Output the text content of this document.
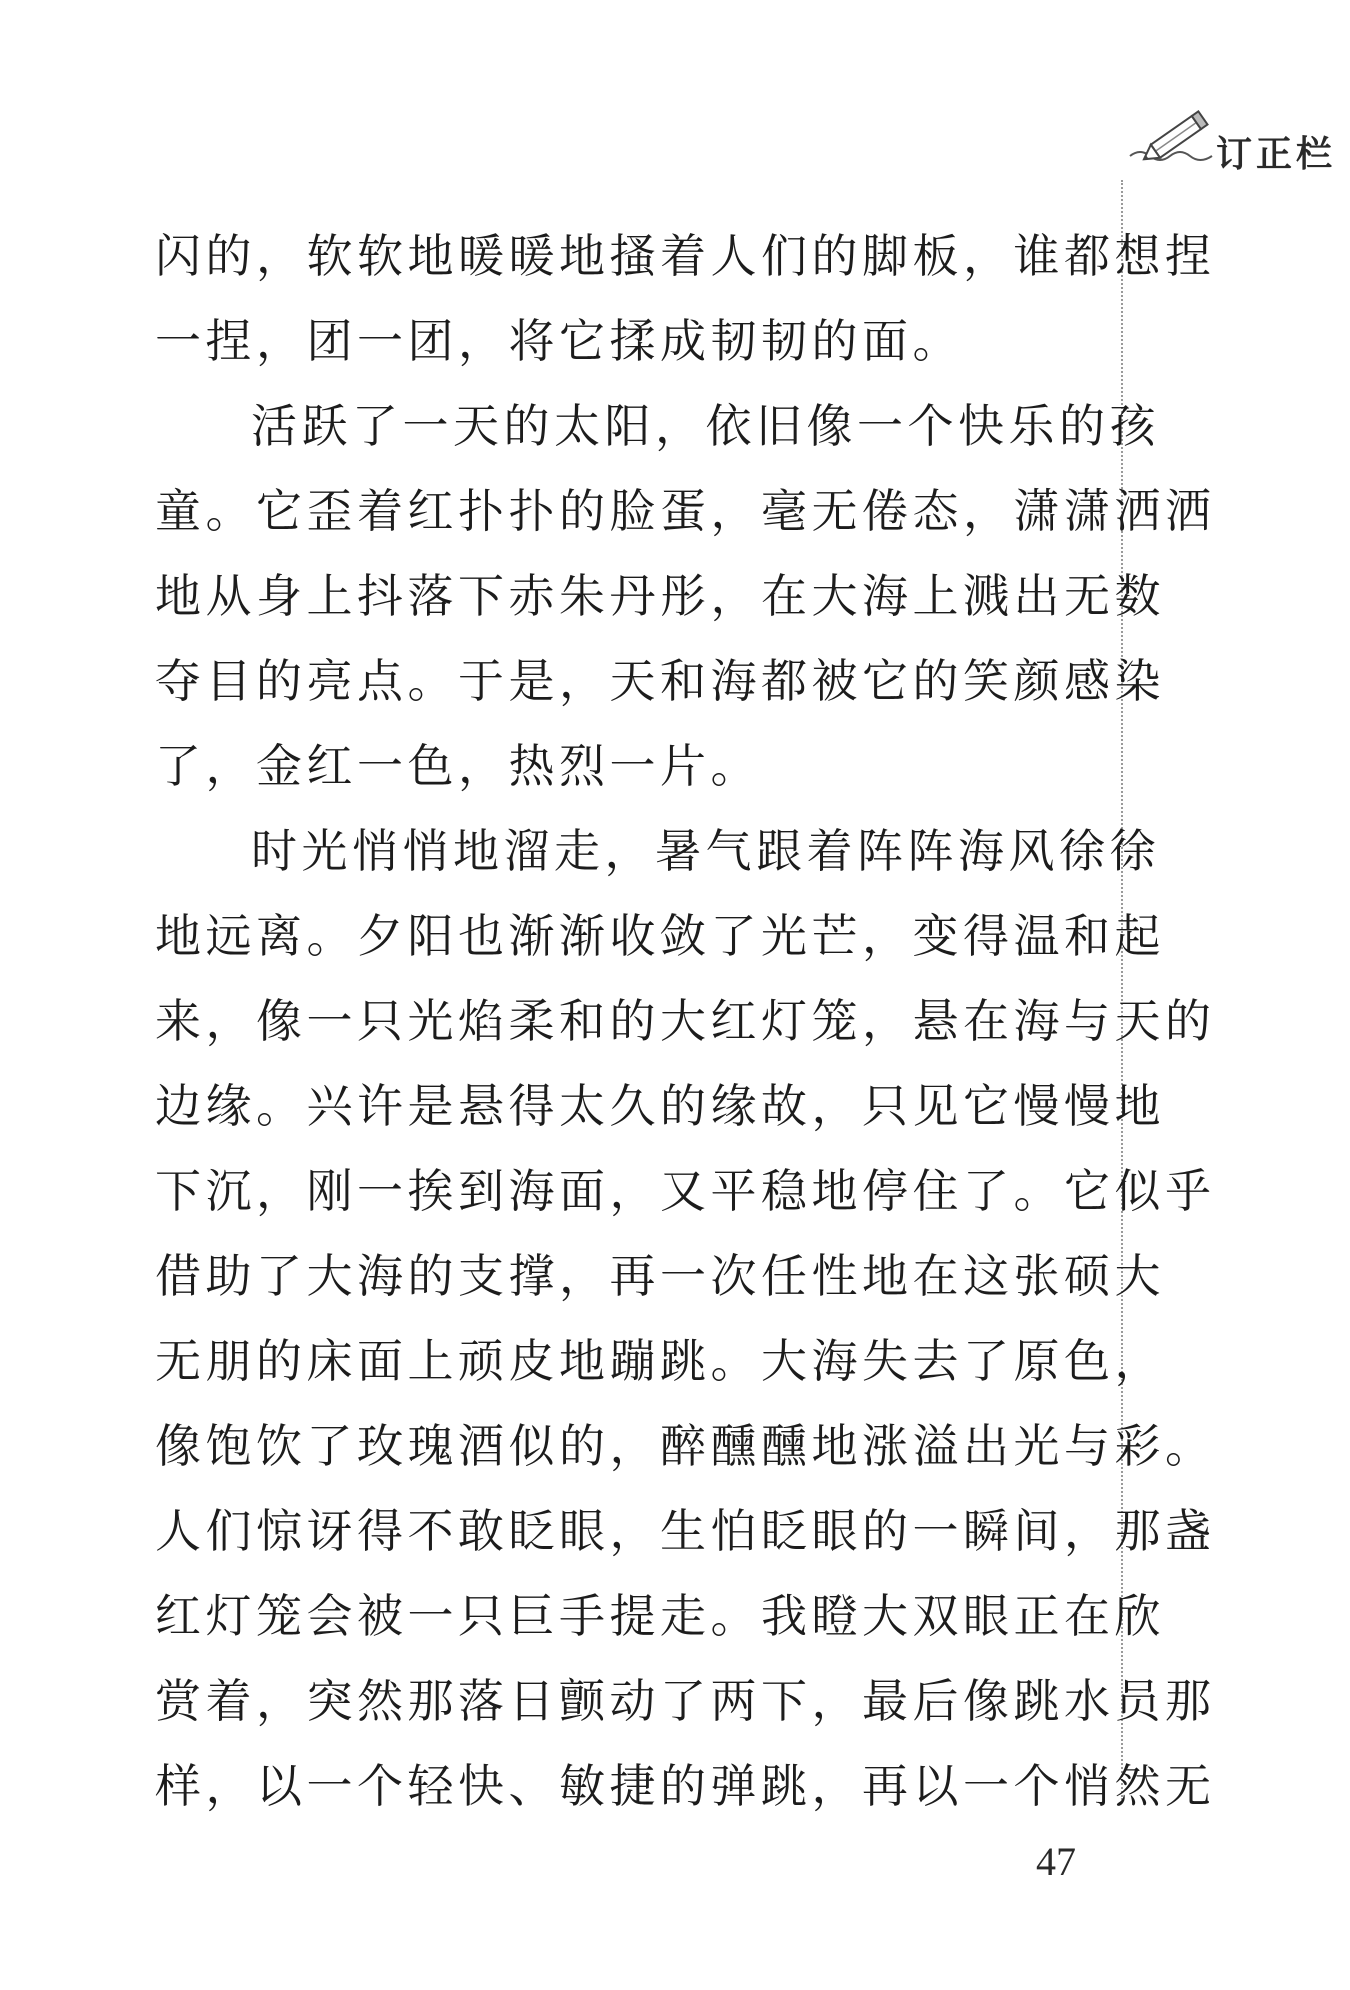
订正栏
闪的，软软地暖暖地搔着人们的脚板，谁都想捏
一捏，团一团，将它揉成韧韧的面。
活跃了一天的太阳，依旧像一个快乐的孩
童。它歪着红扑扑的脸蛋，毫无倦态，潇潇洒洒
地从身上抖落下赤朱丹彤，在大海上溅出无数
夺目的亮点。于是，天和海都被它的笑颜感染
了，金红一色，热烈一片。
时光悄悄地溜走，暑气跟着阵阵海风徐徐
地远离。夕阳也渐渐收敛了光芒，变得温和起
来，像一只光焰柔和的大红灯笼，悬在海与天的
边缘。兴许是悬得太久的缘故，只见它慢慢地
下沉，刚一挨到海面，又平稳地停住了。它似乎
借助了大海的支撑，再一次任性地在这张硕大
无朋的床面上顽皮地蹦跳。大海失去了原色，
像饱饮了玫瑰酒似的，醉醺醺地涨溢出光与彩。
人们惊讶得不敢眨眼，生怕眨眼的一瞬间，那盏
红灯笼会被一只巨手提走。我瞪大双眼正在欣
赏着，突然那落日颤动了两下，最后像跳水员那
样，以一个轻快、敏捷的弹跳，再以一个悄然无
47
